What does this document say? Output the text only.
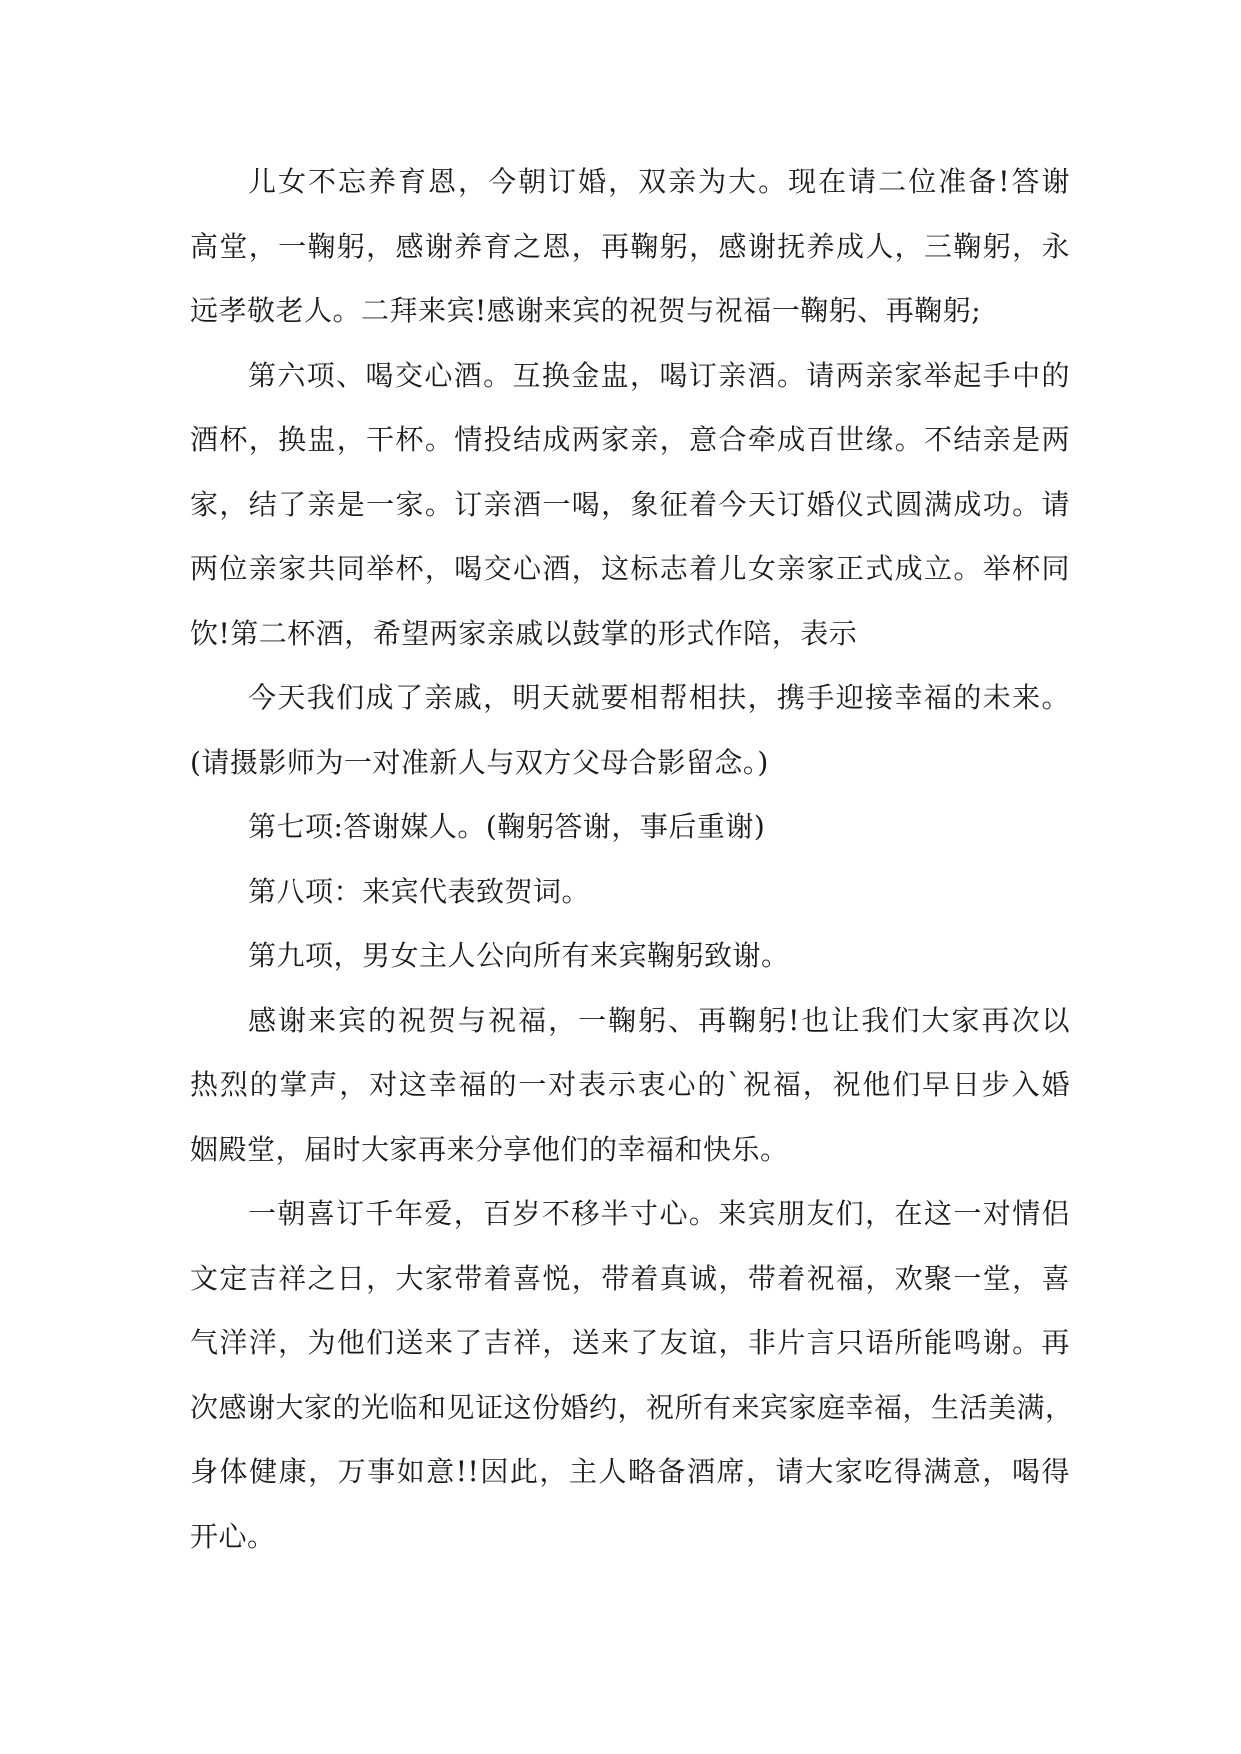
儿女不忘养育恩，今朝订婚，双亲为大。现在请二位准备!答谢
高堂，一鞠躬，感谢养育之恩，再鞠躬，感谢抚养成人，三鞠躬，永
远孝敬老人。二拜来宾!感谢来宾的祝贺与祝福一鞠躬、再鞠躬;
第六项、喝交心酒。互换金盅，喝订亲酒。请两亲家举起手中的
酒杯，换盅，干杯。情投结成两家亲，意合牵成百世缘。不结亲是两
家，结了亲是一家。订亲酒一喝，象征着今天订婚仪式圆满成功。请
两位亲家共同举杯，喝交心酒，这标志着儿女亲家正式成立。举杯同
饮!第二杯酒，希望两家亲戚以鼓掌的形式作陪，表示
今天我们成了亲戚，明天就要相帮相扶，携手迎接幸福的未来。
(请摄影师为一对准新人与双方父母合影留念。)
第七项:答谢媒人。(鞠躬答谢，事后重谢)
第八项：来宾代表致贺词。
第九项，男女主人公向所有来宾鞠躬致谢。
感谢来宾的祝贺与祝福，一鞠躬、再鞠躬!也让我们大家再次以
热烈的掌声，对这幸福的一对表示衷心的`祝福，祝他们早日步入婚
姻殿堂，届时大家再来分享他们的幸福和快乐。
一朝喜订千年爱，百岁不移半寸心。来宾朋友们，在这一对情侣
文定吉祥之日，大家带着喜悦，带着真诚，带着祝福，欢聚一堂，喜
气洋洋，为他们送来了吉祥，送来了友谊，非片言只语所能鸣谢。再
次感谢大家的光临和见证这份婚约，祝所有来宾家庭幸福，生活美满，
身体健康，万事如意!!因此，主人略备酒席，请大家吃得满意，喝得
开心。
